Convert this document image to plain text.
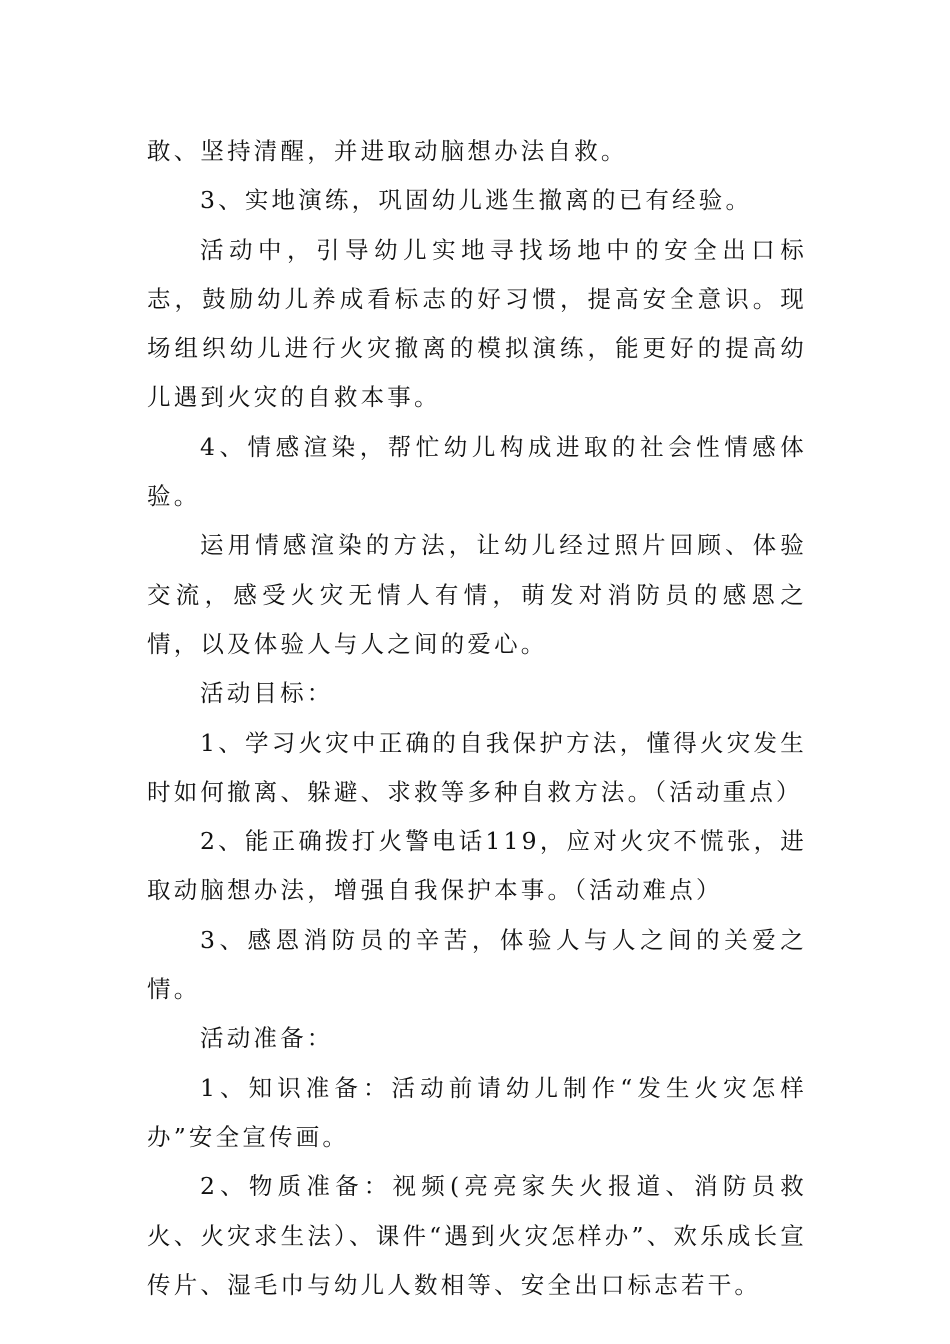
敢、坚持清醒，并进取动脑想办法自救。

3、实地演练，巩固幼儿逃生撤离的已有经验。

活动中，引导幼儿实地寻找场地中的安全出口标志，鼓励幼儿养成看标志的好习惯，提高安全意识。现场组织幼儿进行火灾撤离的模拟演练，能更好的提高幼儿遇到火灾的自救本事。

4、情感渲染，帮忙幼儿构成进取的社会性情感体验。

运用情感渲染的方法，让幼儿经过照片回顾、体验交流，感受火灾无情人有情，萌发对消防员的感恩之情，以及体验人与人之间的爱心。

活动目标：

1、学习火灾中正确的自我保护方法，懂得火灾发生时如何撤离、躲避、求救等多种自救方法。（活动重点）

2、能正确拨打火警电话119，应对火灾不慌张，进取动脑想办法，增强自我保护本事。（活动难点）

3、感恩消防员的辛苦，体验人与人之间的关爱之情。

活动准备：

1、知识准备：活动前请幼儿制作“发生火灾怎样办”安全宣传画。

2、物质准备：视频(亮亮家失火报道、消防员救火、火灾求生法）、课件“遇到火灾怎样办”、欢乐成长宣传片、湿毛巾与幼儿人数相等、安全出口标志若干。
